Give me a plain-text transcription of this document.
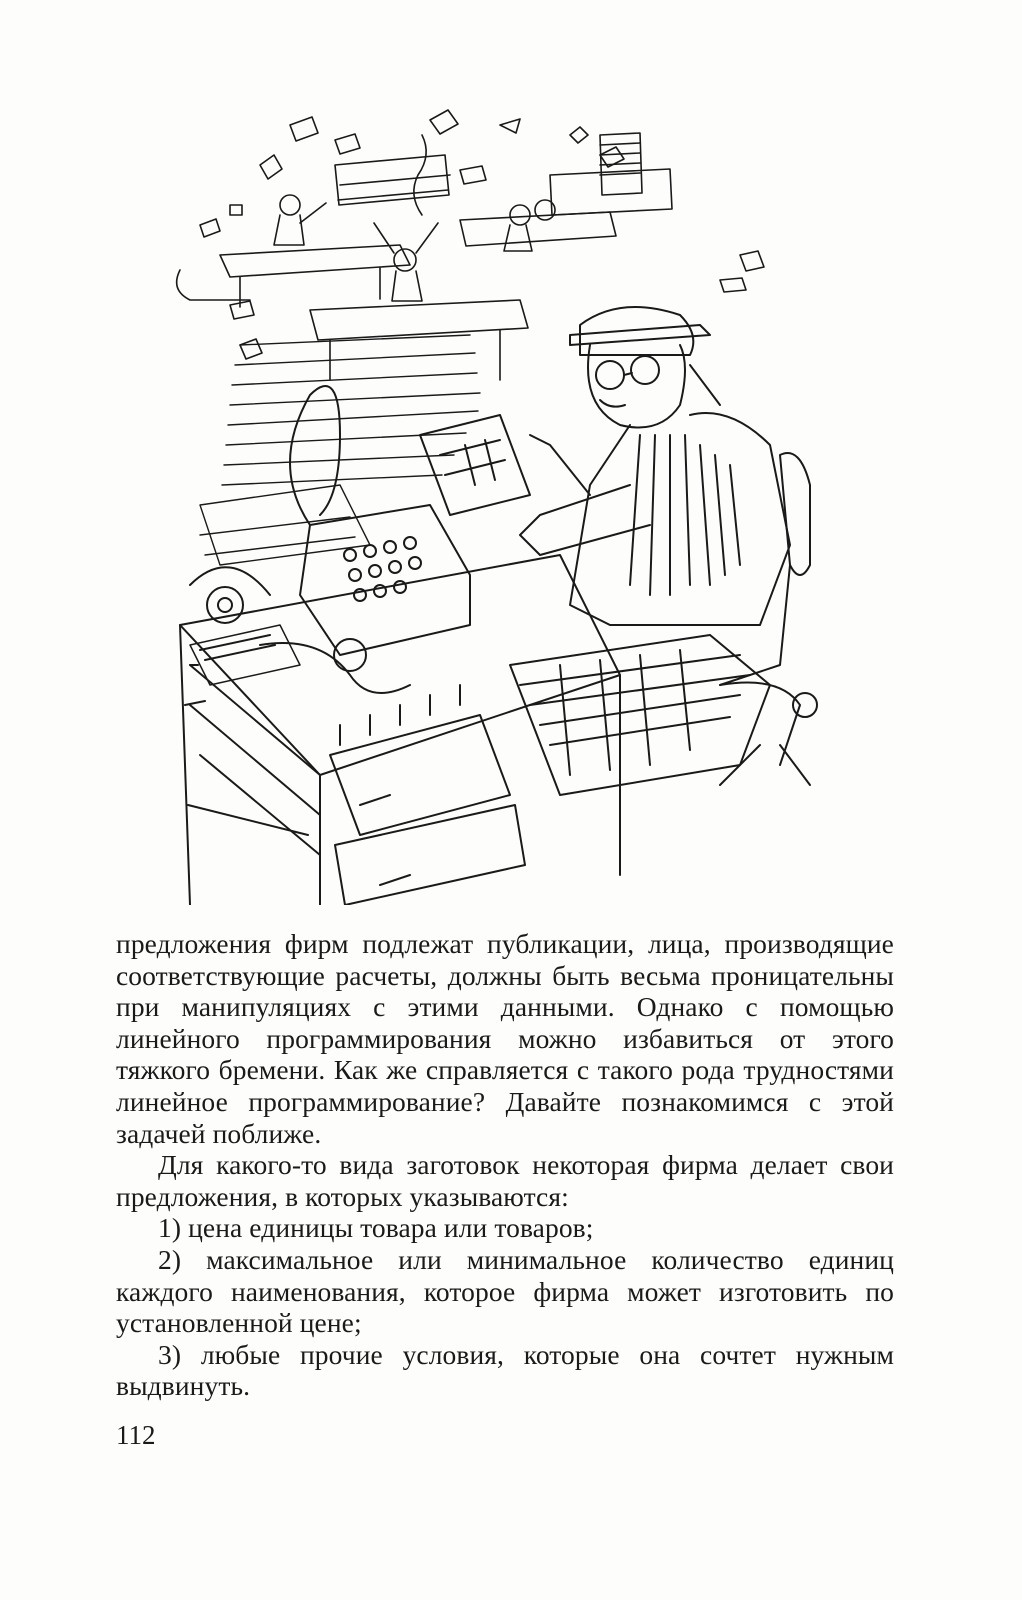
предложения фирм подлежат публикации, лица, производящие соответствующие расчеты, должны быть весьма проницательны при манипуляциях с этими данными. Однако с помощью линейного программирования можно избавиться от этого тяжкого бремени. Как же справляется с такого рода трудностями линейное программирование? Давайте познакомимся с этой задачей поближе.

Для какого-то вида заготовок некоторая фирма делает свои предложения, в которых указываются:

1) цена единицы товара или товаров;

2) максимальное или минимальное количество единиц каждого наименования, которое фирма может изготовить по установленной цене;

3) любые прочие условия, которые она сочтет нужным выдвинуть.

112
